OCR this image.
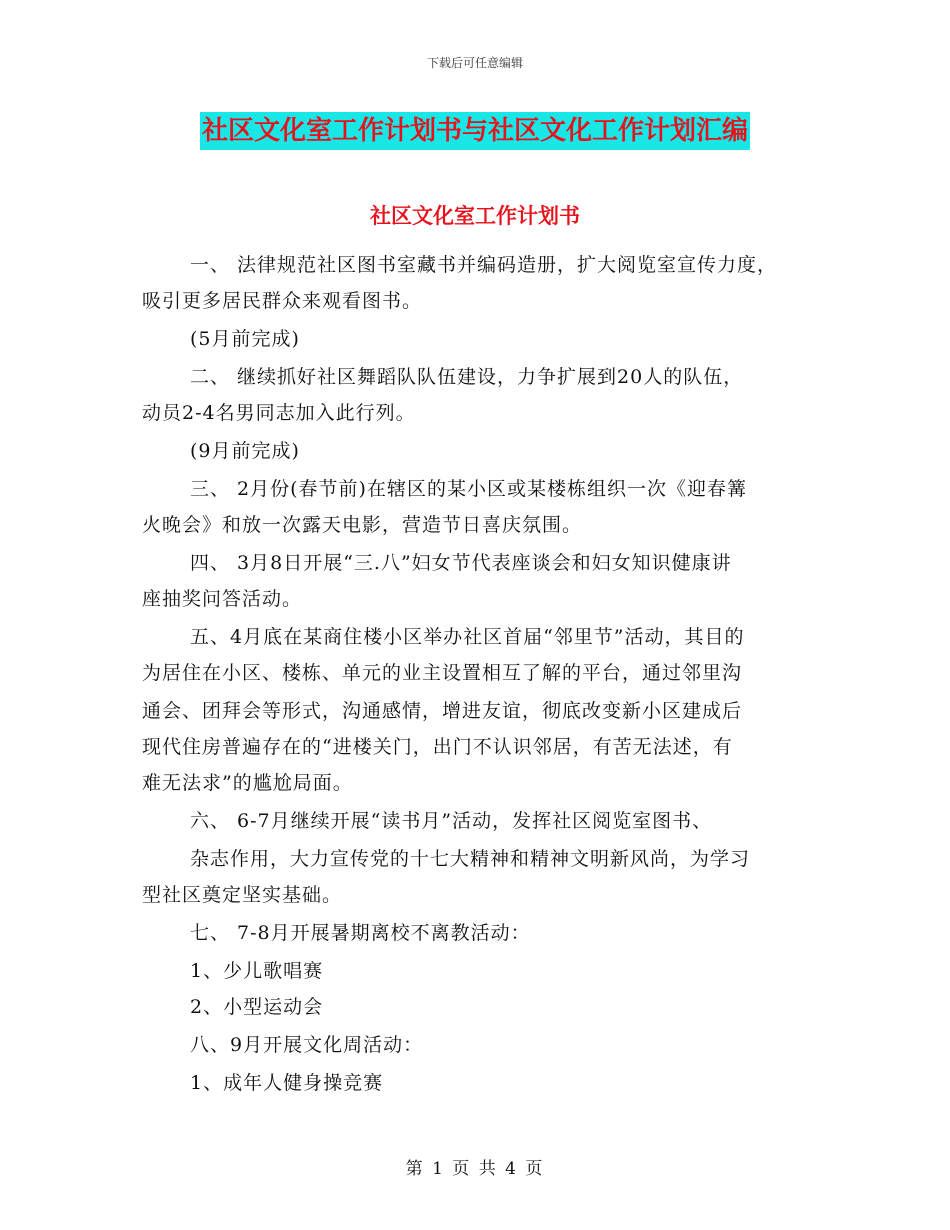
下载后可任意编辑
社区文化室工作计划书与社区文化工作计划汇编
社区文化室工作计划书
一、 法律规范社区图书室藏书并编码造册，扩大阅览室宣传力度，
吸引更多居民群众来观看图书。
(5月前完成)
二、 继续抓好社区舞蹈队队伍建设，力争扩展到20人的队伍，
动员2-4名男同志加入此行列。
(9月前完成)
三、 2月份(春节前)在辖区的某小区或某楼栋组织一次《迎春篝
火晚会》和放一次露天电影，营造节日喜庆氛围。
四、 3月8日开展“三.八”妇女节代表座谈会和妇女知识健康讲
座抽奖问答活动。
五、4月底在某商住楼小区举办社区首届“邻里节”活动，其目的
为居住在小区、楼栋、单元的业主设置相互了解的平台，通过邻里沟
通会、团拜会等形式，沟通感情，增进友谊，彻底改变新小区建成后
现代住房普遍存在的“进楼关门，出门不认识邻居，有苦无法述，有
难无法求”的尴尬局面。
六、 6-7月继续开展“读书月”活动，发挥社区阅览室图书、
杂志作用，大力宣传党的十七大精神和精神文明新风尚，为学习
型社区奠定坚实基础。
七、 7-8月开展暑期离校不离教活动：
1、少儿歌唱赛
2、小型运动会
八、9月开展文化周活动：
1、成年人健身操竞赛
第 1 页 共 4 页
